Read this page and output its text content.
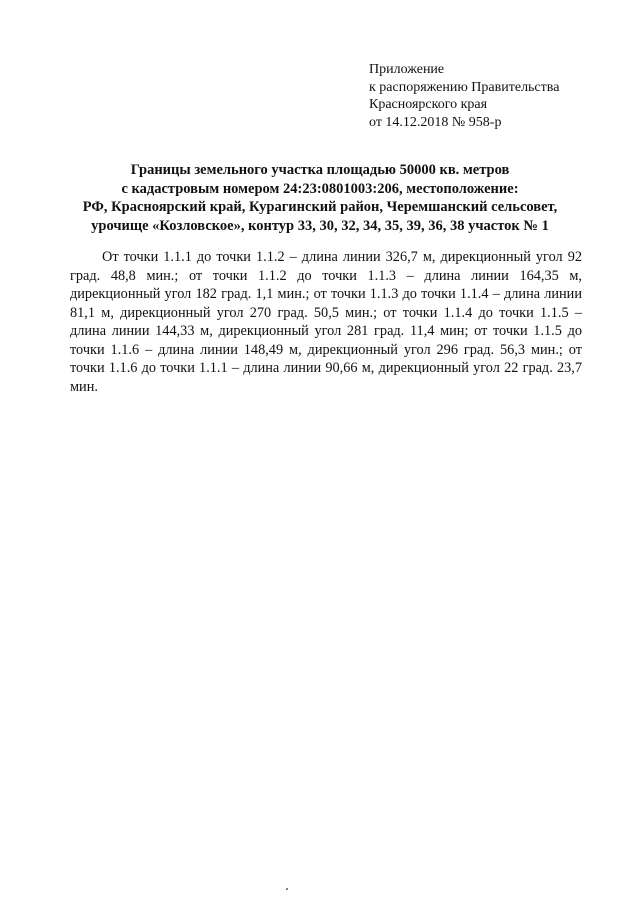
Приложение
к распоряжению Правительства
Красноярского края
от 14.12.2018 № 958-р
Границы земельного участка площадью 50000 кв. метров
с кадастровым номером 24:23:0801003:206, местоположение:
РФ, Красноярский край, Курагинский район, Черемшанский сельсовет,
урочище «Козловское», контур 33, 30, 32, 34, 35, 39, 36, 38 участок № 1

От точки 1.1.1 до точки 1.1.2 – длина линии 326,7 м, дирекционный угол 92 град. 48,8 мин.; от точки 1.1.2 до точки 1.1.3 – длина линии 164,35 м, дирекционный угол 182 град. 1,1 мин.; от точки 1.1.3 до точки 1.1.4 – длина линии 81,1 м, дирекционный угол 270 град. 50,5 мин.; от точки 1.1.4 до точки 1.1.5 – длина линии 144,33 м, дирекционный угол 281 град. 11,4 мин; от точки 1.1.5 до точки 1.1.6 – длина линии 148,49 м, дирекционный угол 296 град. 56,3 мин.; от точки 1.1.6 до точки 1.1.1 – длина линии 90,66 м, дирекционный угол 22 град. 23,7 мин.
